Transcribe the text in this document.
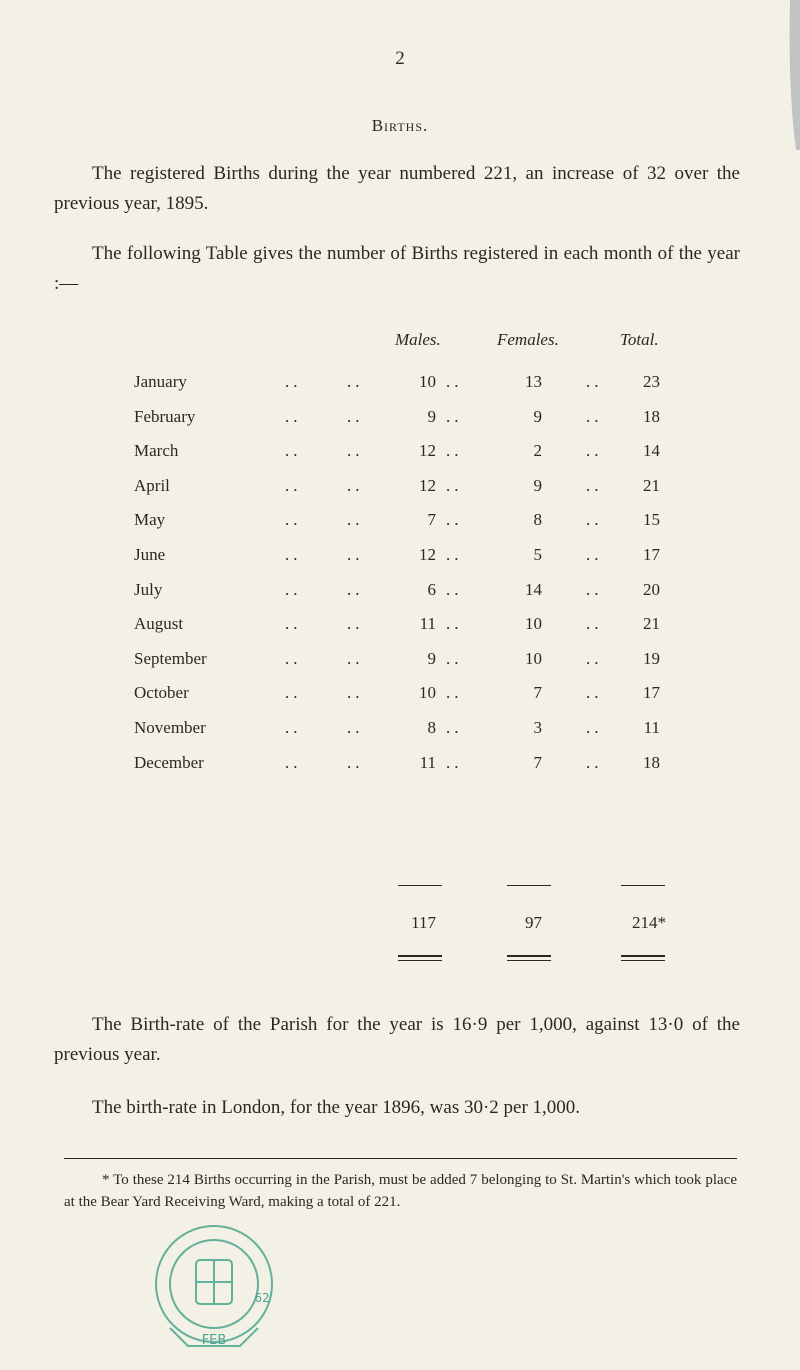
2
Births.
The registered Births during the year numbered 221, an increase of 32 over the previous year, 1895.
The following Table gives the number of Births registered in each month of the year :—
Males.	Females.	Total.
January	..	..	10 ..	13	..	23
February	..	..	9 ..	9	..	18
March	..	..	12 ..	2	..	14
April	..	..	12 ..	9	..	21
May	..	..	7 ..	8	..	15
June	..	..	12 ..	5	..	17
July	..	..	6 ..	14	..	20
August	..	..	11 ..	10	..	21
September	..	..	9 ..	10	..	19
October	..	..	10 ..	7	..	17
November	..	..	8 ..	3	..	11
December	..	..	11 ..	7	..	18
117	97	214*
The Birth-rate of the Parish for the year is 16·9 per 1,000, against 13·0 of the previous year.
The birth-rate in London, for the year 1896, was 30·2 per 1,000.
* To these 214 Births occurring in the Parish, must be added 7 belonging to St. Martin's which took place at the Bear Yard Receiving Ward, making a total of 221.
FEB
62
